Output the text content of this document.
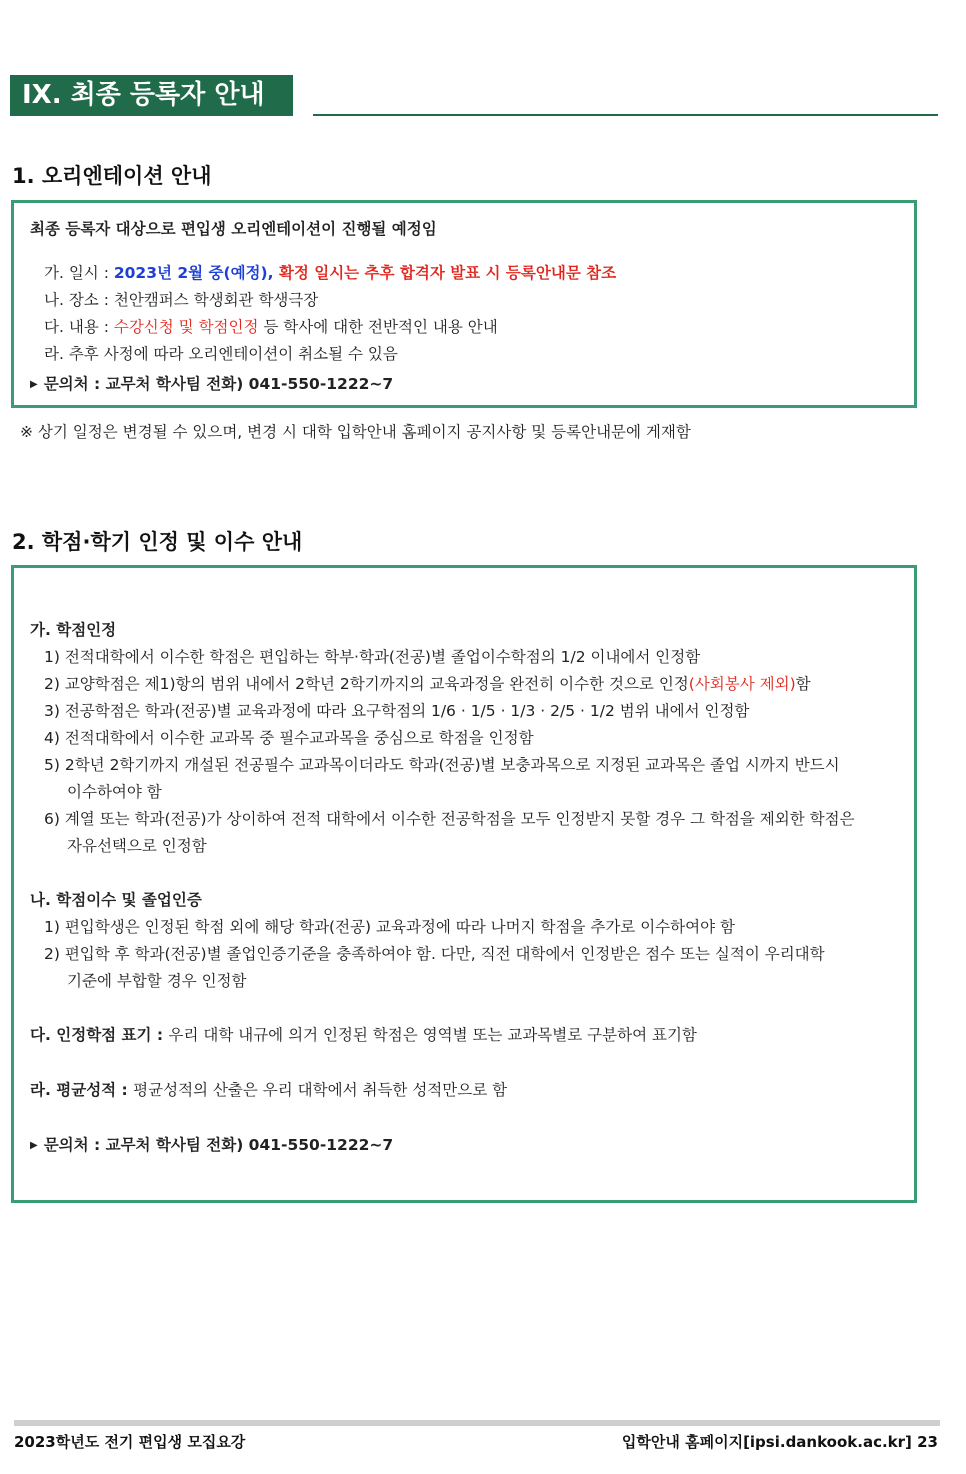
IX. 최종 등록자 안내
1. 오리엔테이션 안내
최종 등록자 대상으로 편입생 오리엔테이션이 진행될 예정임
가. 일시 : 2023년 2월 중(예정), 확정 일시는 추후 합격자 발표 시 등록안내문 참조
나. 장소 : 천안캠퍼스 학생회관 학생극장
다. 내용 : 수강신청 및 학점인정 등 학사에 대한 전반적인 내용 안내
라. 추후 사정에 따라 오리엔테이션이 취소될 수 있음
▶ 문의처 : 교무처 학사팀 전화) 041-550-1222~7
※ 상기 일정은 변경될 수 있으며, 변경 시 대학 입학안내 홈페이지 공지사항 및 등록안내문에 게재함
2. 학점·학기 인정 및 이수 안내
가. 학점인정
1) 전적대학에서 이수한 학점은 편입하는 학부·학과(전공)별 졸업이수학점의 1/2 이내에서 인정함
2) 교양학점은 제1)항의 범위 내에서 2학년 2학기까지의 교육과정을 완전히 이수한 것으로 인정(사회봉사 제외)함
3) 전공학점은 학과(전공)별 교육과정에 따라 요구학점의 1/6 · 1/5 · 1/3 · 2/5 · 1/2 범위 내에서 인정함
4) 전적대학에서 이수한 교과목 중 필수교과목을 중심으로 학점을 인정함
5) 2학년 2학기까지 개설된 전공필수 교과목이더라도 학과(전공)별 보충과목으로 지정된 교과목은 졸업 시까지 반드시
이수하여야 함
6) 계열 또는 학과(전공)가 상이하여 전적 대학에서 이수한 전공학점을 모두 인정받지 못할 경우 그 학점을 제외한 학점은
자유선택으로 인정함
나. 학점이수 및 졸업인증
1) 편입학생은 인정된 학점 외에 해당 학과(전공) 교육과정에 따라 나머지 학점을 추가로 이수하여야 함
2) 편입학 후 학과(전공)별 졸업인증기준을 충족하여야 함. 다만, 직전 대학에서 인정받은 점수 또는 실적이 우리대학
기준에 부합할 경우 인정함
다. 인정학점 표기 : 우리 대학 내규에 의거 인정된 학점은 영역별 또는 교과목별로 구분하여 표기함
라. 평균성적 : 평균성적의 산출은 우리 대학에서 취득한 성적만으로 함
▶ 문의처 : 교무처 학사팀 전화) 041-550-1222~7
2023학년도 전기 편입생 모집요강	입학안내 홈페이지[ipsi.dankook.ac.kr] 23
